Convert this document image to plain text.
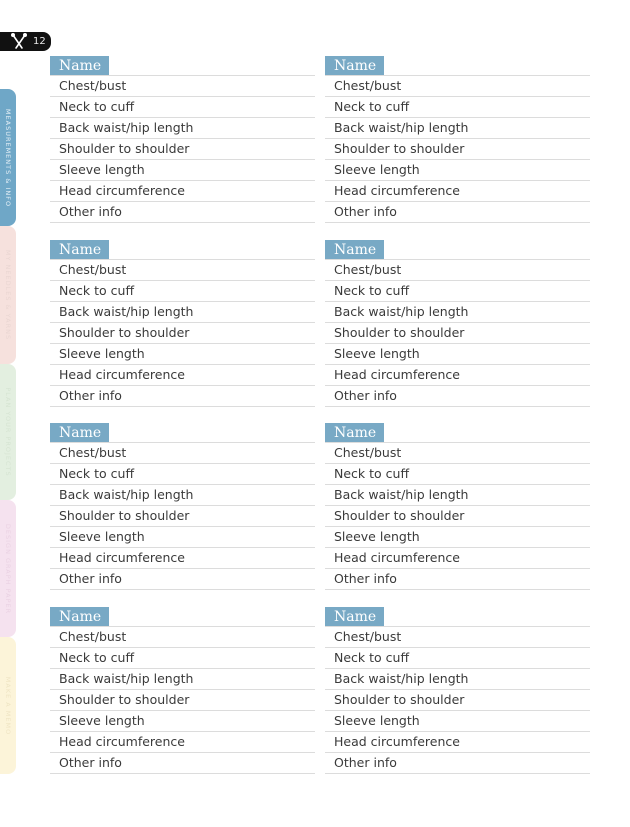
12
MEASUREMENTS & INFO
MY NEEDLES & YARNS
PLAN YOUR PROJECTS
DESIGN GRAPH PAPER
MAKE A MEMO
Name
Chest/bust
Neck to cuff
Back waist/hip length
Shoulder to shoulder
Sleeve length
Head circumference
Other info
Name
Chest/bust
Neck to cuff
Back waist/hip length
Shoulder to shoulder
Sleeve length
Head circumference
Other info
Name
Chest/bust
Neck to cuff
Back waist/hip length
Shoulder to shoulder
Sleeve length
Head circumference
Other info
Name
Chest/bust
Neck to cuff
Back waist/hip length
Shoulder to shoulder
Sleeve length
Head circumference
Other info
Name
Chest/bust
Neck to cuff
Back waist/hip length
Shoulder to shoulder
Sleeve length
Head circumference
Other info
Name
Chest/bust
Neck to cuff
Back waist/hip length
Shoulder to shoulder
Sleeve length
Head circumference
Other info
Name
Chest/bust
Neck to cuff
Back waist/hip length
Shoulder to shoulder
Sleeve length
Head circumference
Other info
Name
Chest/bust
Neck to cuff
Back waist/hip length
Shoulder to shoulder
Sleeve length
Head circumference
Other info
